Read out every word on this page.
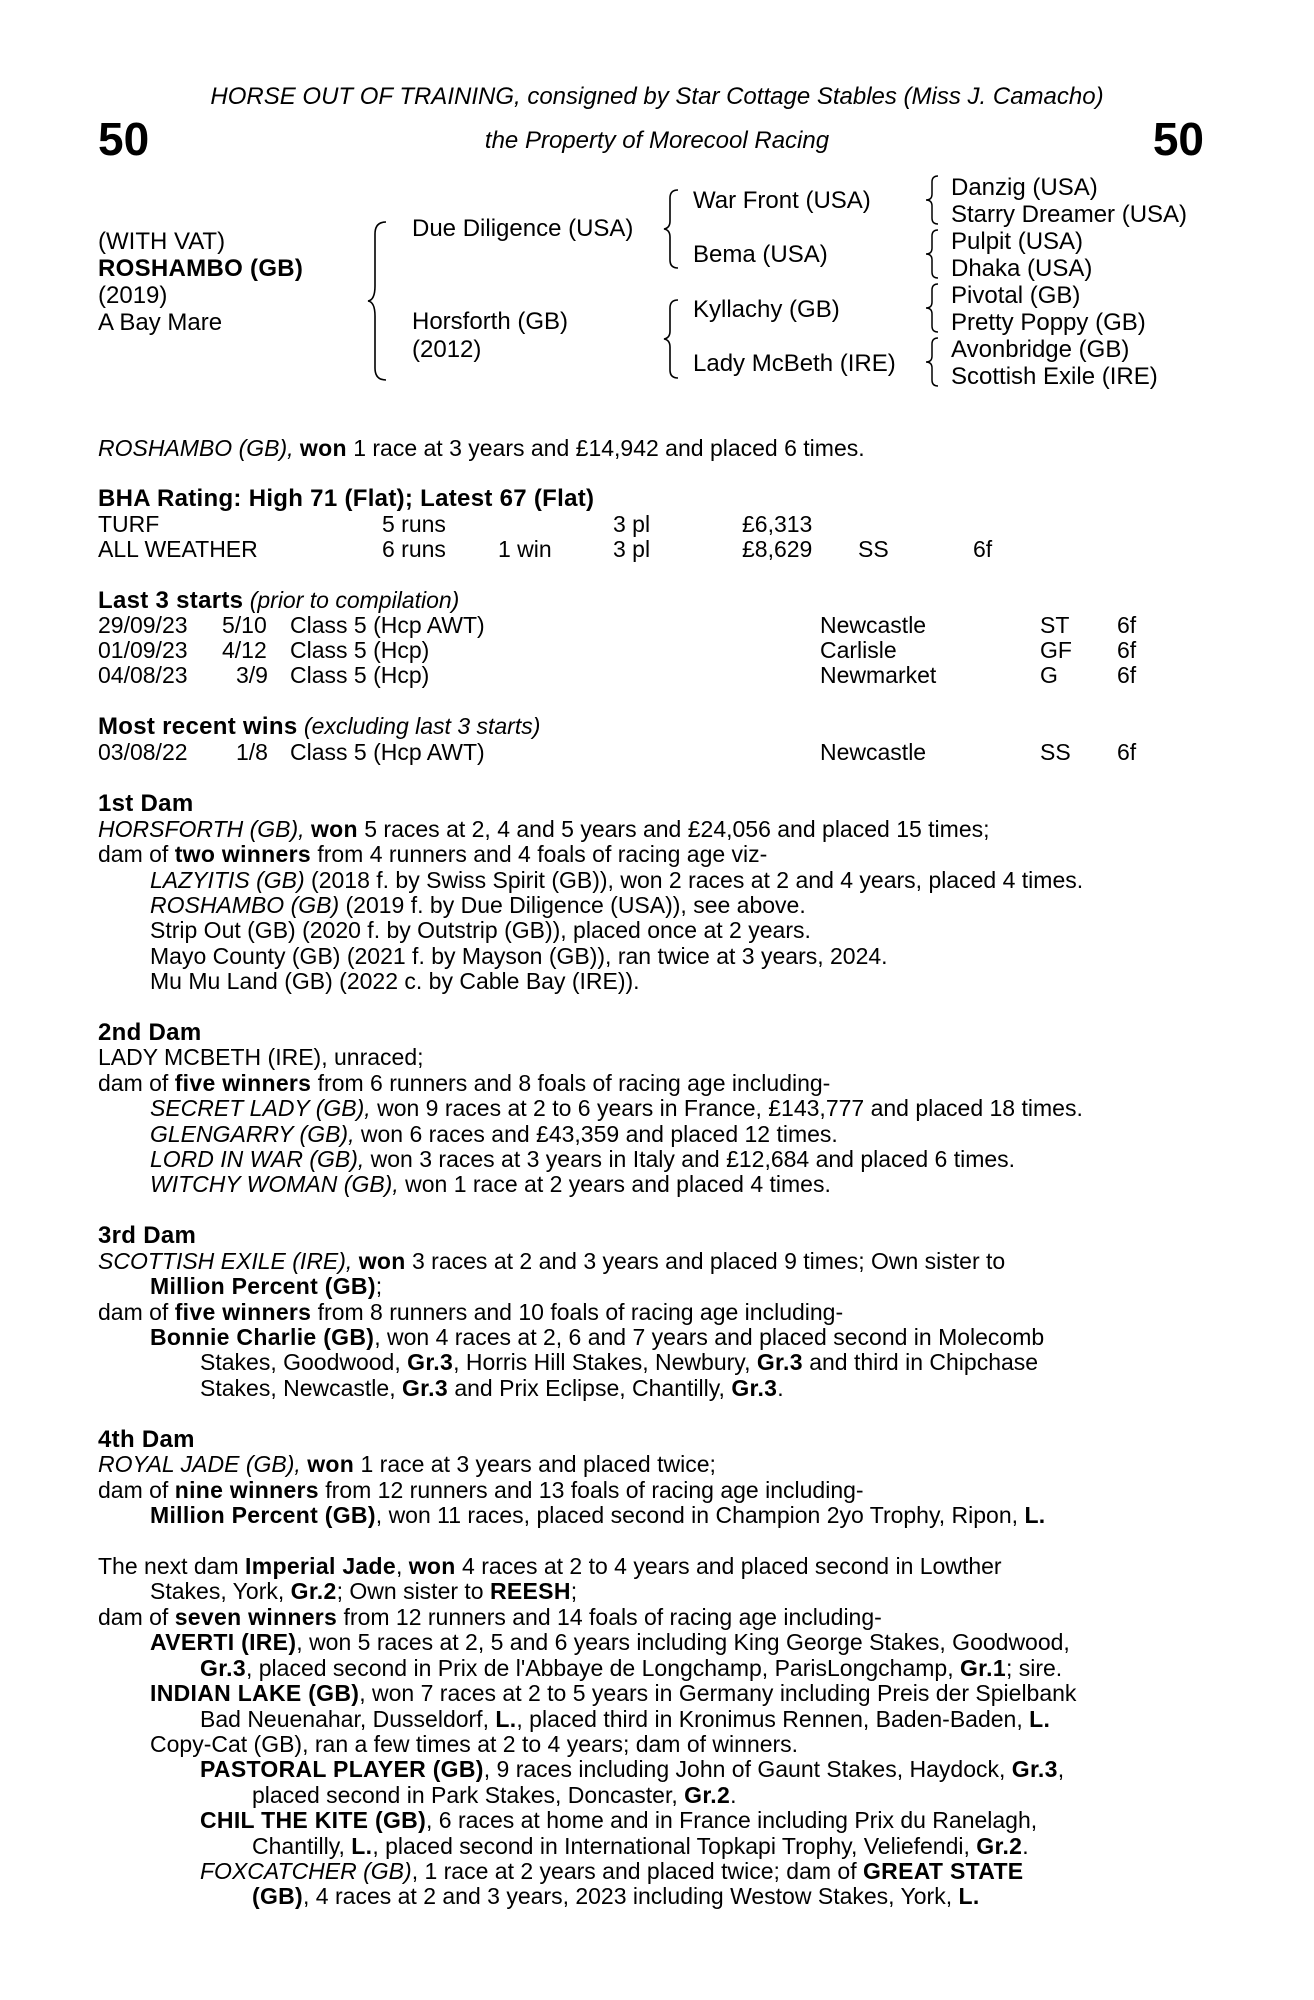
HORSE OUT OF TRAINING, consigned by Star Cottage Stables (Miss J. Camacho)
50	the Property of Morecool Racing	50
(WITH VAT)
ROSHAMBO (GB)
(2019)
A Bay Mare
Due Diligence (USA)
Horsforth (GB)
(2012)
War Front (USA)
Bema (USA)
Kyllachy (GB)
Lady McBeth (IRE)
Danzig (USA)
Starry Dreamer (USA)
Pulpit (USA)
Dhaka (USA)
Pivotal (GB)
Pretty Poppy (GB)
Avonbridge (GB)
Scottish Exile (IRE)
ROSHAMBO (GB), won 1 race at 3 years and £14,942 and placed 6 times.
BHA Rating: High 71 (Flat); Latest 67 (Flat)
TURF	5 runs	3 pl	£6,313
ALL WEATHER	6 runs 1 win	3 pl	£8,629 SS	6f
Last 3 starts (prior to compilation)
29/09/23 5/10 Class 5 (Hcp AWT)	Newcastle	ST 6f
01/09/23 4/12 Class 5 (Hcp)	Carlisle	GF 6f
04/08/23 3/9 Class 5 (Hcp)	Newmarket	G	6f
Most recent wins (excluding last 3 starts)
03/08/22 1/8 Class 5 (Hcp AWT)	Newcastle	SS 6f
1st Dam
HORSFORTH (GB), won 5 races at 2, 4 and 5 years and £24,056 and placed 15 times;
dam of two winners from 4 runners and 4 foals of racing age viz-
LAZYITIS (GB) (2018 f. by Swiss Spirit (GB)), won 2 races at 2 and 4 years, placed 4 times.
ROSHAMBO (GB) (2019 f. by Due Diligence (USA)), see above.
Strip Out (GB) (2020 f. by Outstrip (GB)), placed once at 2 years.
Mayo County (GB) (2021 f. by Mayson (GB)), ran twice at 3 years, 2024.
Mu Mu Land (GB) (2022 c. by Cable Bay (IRE)).
2nd Dam
LADY MCBETH (IRE), unraced;
dam of five winners from 6 runners and 8 foals of racing age including-
SECRET LADY (GB), won 9 races at 2 to 6 years in France, £143,777 and placed 18 times.
GLENGARRY (GB), won 6 races and £43,359 and placed 12 times.
LORD IN WAR (GB), won 3 races at 3 years in Italy and £12,684 and placed 6 times.
WITCHY WOMAN (GB), won 1 race at 2 years and placed 4 times.
3rd Dam
SCOTTISH EXILE (IRE), won 3 races at 2 and 3 years and placed 9 times; Own sister to
Million Percent (GB);
dam of five winners from 8 runners and 10 foals of racing age including-
Bonnie Charlie (GB), won 4 races at 2, 6 and 7 years and placed second in Molecomb
Stakes, Goodwood, Gr.3, Horris Hill Stakes, Newbury, Gr.3 and third in Chipchase
Stakes, Newcastle, Gr.3 and Prix Eclipse, Chantilly, Gr.3.
4th Dam
ROYAL JADE (GB), won 1 race at 3 years and placed twice;
dam of nine winners from 12 runners and 13 foals of racing age including-
Million Percent (GB), won 11 races, placed second in Champion 2yo Trophy, Ripon, L.
The next dam Imperial Jade, won 4 races at 2 to 4 years and placed second in Lowther
Stakes, York, Gr.2; Own sister to REESH;
dam of seven winners from 12 runners and 14 foals of racing age including-
AVERTI (IRE), won 5 races at 2, 5 and 6 years including King George Stakes, Goodwood,
Gr.3, placed second in Prix de l'Abbaye de Longchamp, ParisLongchamp, Gr.1; sire.
INDIAN LAKE (GB), won 7 races at 2 to 5 years in Germany including Preis der Spielbank
Bad Neuenahar, Dusseldorf, L., placed third in Kronimus Rennen, Baden-Baden, L.
Copy-Cat (GB), ran a few times at 2 to 4 years; dam of winners.
PASTORAL PLAYER (GB), 9 races including John of Gaunt Stakes, Haydock, Gr.3,
placed second in Park Stakes, Doncaster, Gr.2.
CHIL THE KITE (GB), 6 races at home and in France including Prix du Ranelagh,
Chantilly, L., placed second in International Topkapi Trophy, Veliefendi, Gr.2.
FOXCATCHER (GB), 1 race at 2 years and placed twice; dam of GREAT STATE
(GB), 4 races at 2 and 3 years, 2023 including Westow Stakes, York, L.
